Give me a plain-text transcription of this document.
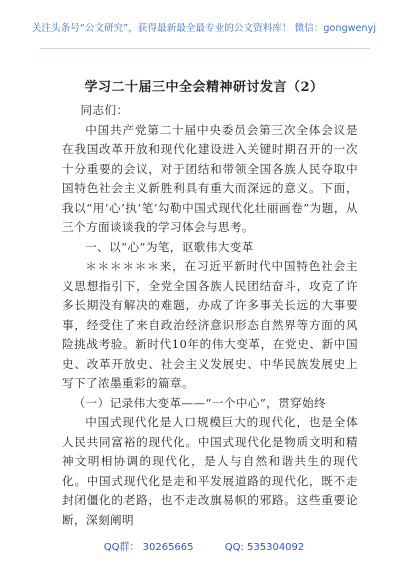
关注头条号“公文研究”，获得最新最全最专业的公文资料库！ 微信：gongwenyj
学习二十届三中全会精神研讨发言（2）

同志们：

中国共产党第二十届中央委员会第三次全体会议是在我国改革开放和现代化建设进入关键时期召开的一次十分重要的会议，对于团结和带领全国各族人民夺取中国特色社会主义新胜利具有重大而深远的意义。下面，我以“用‘心’执‘笔’勾勒中国式现代化壮丽画卷”为题，从三个方面谈谈我的学习体会与思考。

一、以“心”为笔，讴歌伟大变革

＊＊＊＊＊＊来，在习近平新时代中国特色社会主义思想指引下，全党全国各族人民团结奋斗，攻克了许多长期没有解决的难题，办成了许多事关长远的大事要事，经受住了来自政治经济意识形态自然界等方面的风险挑战考验。新时代10年的伟大变革，在党史、新中国史、改革开放史、社会主义发展史、中华民族发展史上写下了浓墨重彩的篇章。

（一）记录伟大变革——“一个中心”，贯穿始终

中国式现代化是人口规模巨大的现代化，也是全体人民共同富裕的现代化。中国式现代化是物质文明和精神文明相协调的现代化，是人与自然和谐共生的现代化。中国式现代化是走和平发展道路的现代化，既不走封闭僵化的老路，也不走改旗易帜的邪路。这些重要论断，深刻阐明

QQ群： 30265665	QQ: 535304092
